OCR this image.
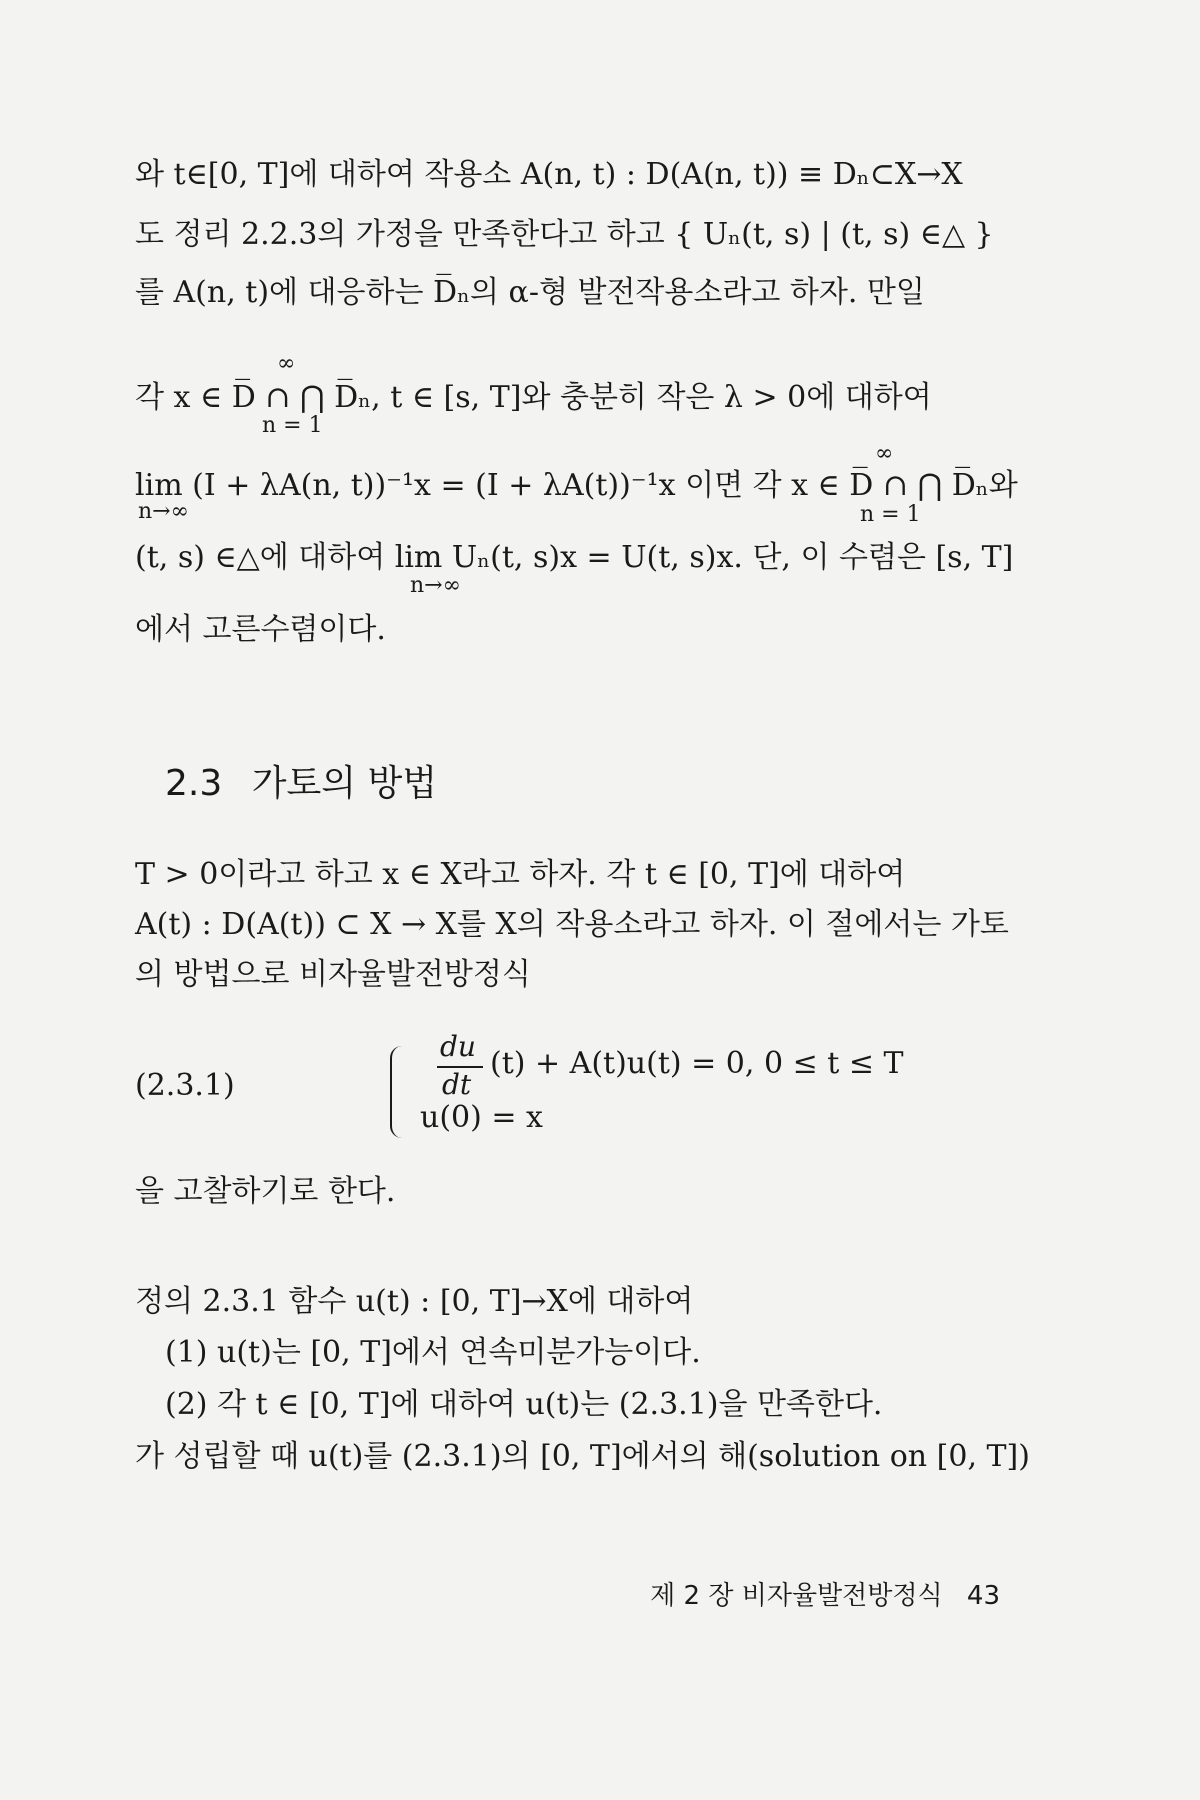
와 t∈[0, T]에 대하여 작용소 A(n, t) : D(A(n, t)) ≡ Dₙ⊂X→X
도 정리 2.2.3의 가정을 만족한다고 하고 { Uₙ(t, s) | (t, s) ∈△ }
를 A(n, t)에 대응하는 D̅ₙ의 α-형 발전작용소라고 하자. 만일
∞
각 x ∈ D̅ ∩ ⋂ D̅ₙ, t ∈ [s, T]와 충분히 작은 λ > 0에 대하여
n = 1
∞
lim (I + λA(n, t))⁻¹x = (I + λA(t))⁻¹x 이면 각 x ∈ D̅ ∩ ⋂ D̅ₙ와
n→∞	n = 1
(t, s) ∈△에 대하여 lim Uₙ(t, s)x = U(t, s)x. 단, 이 수렴은 [s, T]
n→∞
에서 고른수렴이다.
2.3 가토의 방법
T > 0이라고 하고 x ∈ X라고 하자. 각 t ∈ [0, T]에 대하여
A(t) : D(A(t)) ⊂ X → X를 X의 작용소라고 하자. 이 절에서는 가토
의 방법으로 비자율발전방정식
(2.3.1)
du
dt
(t) + A(t)u(t) = 0, 0 ≤ t ≤ T
u(0) = x
을 고찰하기로 한다.
정의 2.3.1 함수 u(t) : [0, T]→X에 대하여
(1) u(t)는 [0, T]에서 연속미분가능이다.
(2) 각 t ∈ [0, T]에 대하여 u(t)는 (2.3.1)을 만족한다.
가 성립할 때 u(t)를 (2.3.1)의 [0, T]에서의 해(solution on [0, T])
제 2 장 비자율발전방정식 43
